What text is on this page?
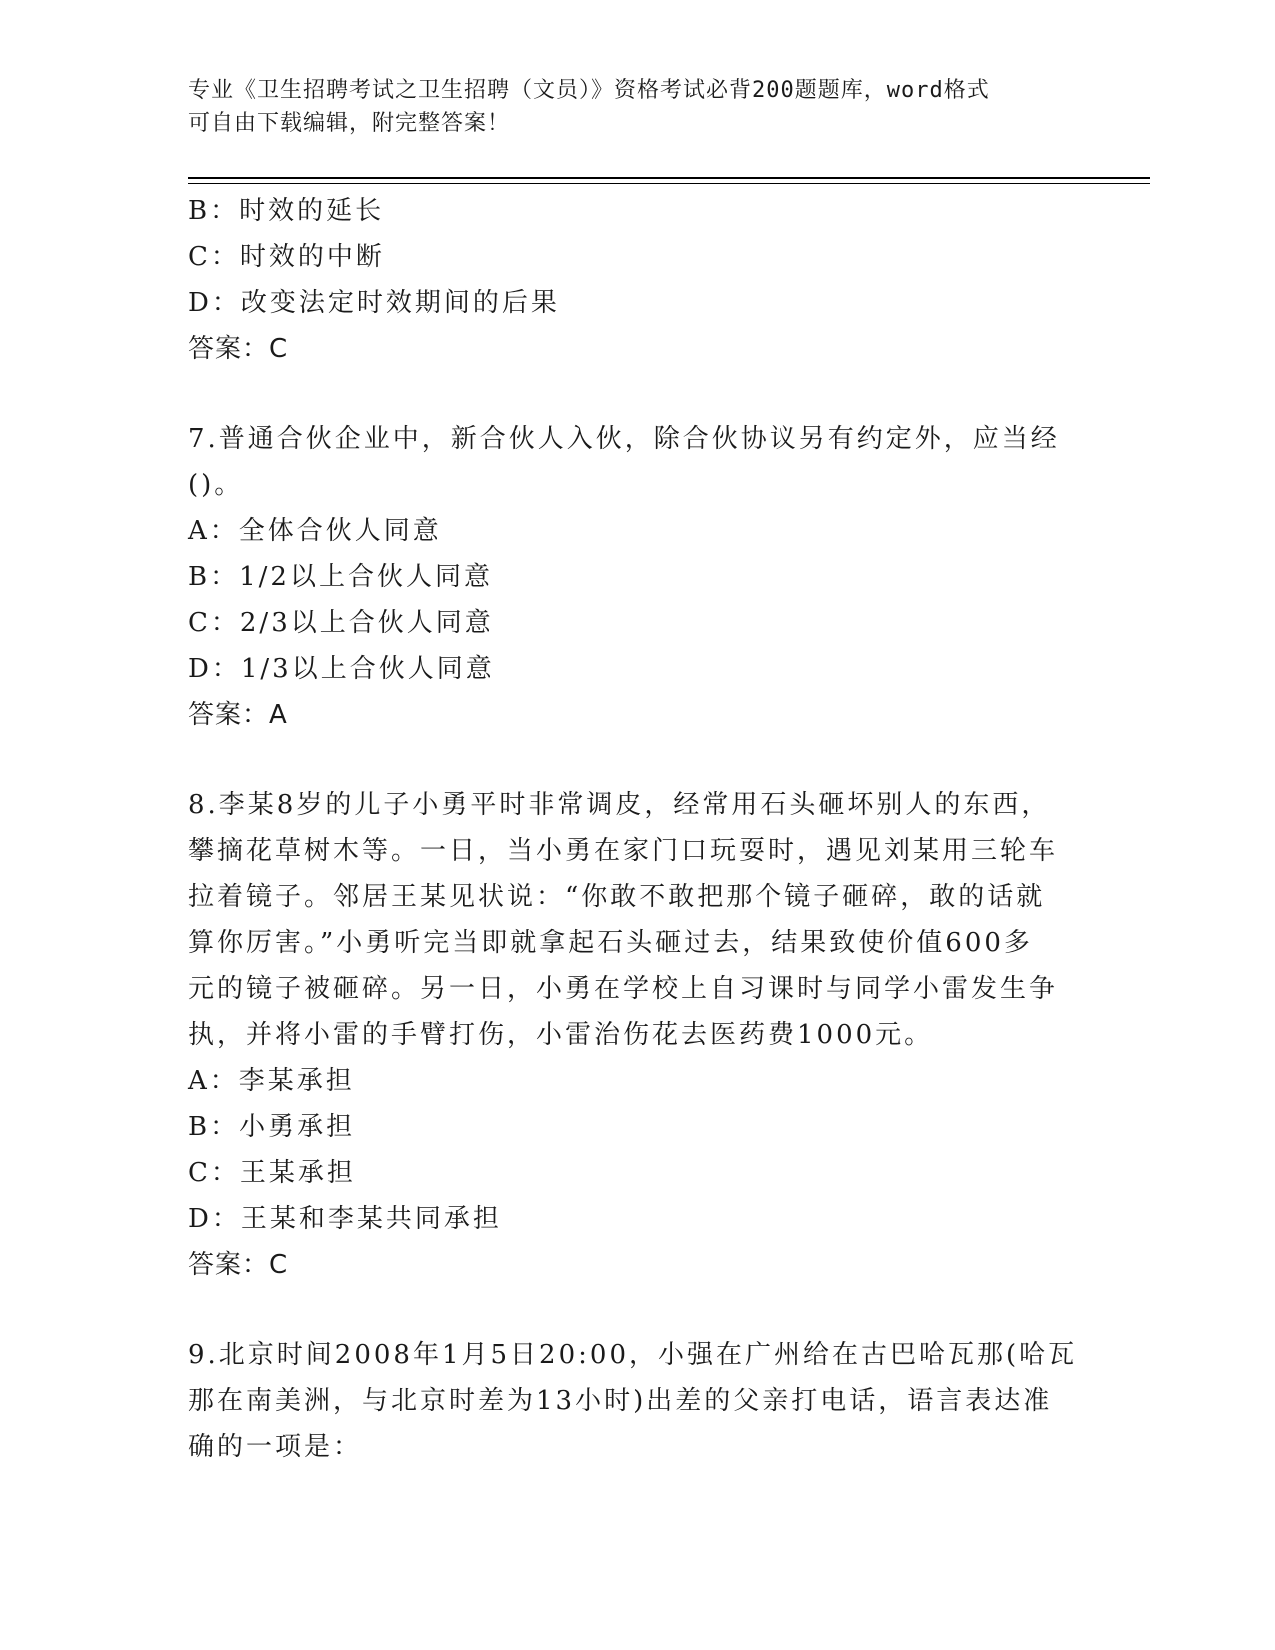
专业《卫生招聘考试之卫生招聘（文员）》资格考试必背200题题库，word格式
可自由下载编辑，附完整答案！
B：时效的延长
C：时效的中断
D：改变法定时效期间的后果
答案：C
7.普通合伙企业中，新合伙人入伙，除合伙协议另有约定外，应当经
()。
A：全体合伙人同意
B：1/2以上合伙人同意
C：2/3以上合伙人同意
D：1/3以上合伙人同意
答案：A
8.李某8岁的儿子小勇平时非常调皮，经常用石头砸坏别人的东西，
攀摘花草树木等。一日，当小勇在家门口玩耍时，遇见刘某用三轮车
拉着镜子。邻居王某见状说：“你敢不敢把那个镜子砸碎，敢的话就
算你厉害。”小勇听完当即就拿起石头砸过去，结果致使价值600多
元的镜子被砸碎。另一日，小勇在学校上自习课时与同学小雷发生争
执，并将小雷的手臂打伤，小雷治伤花去医药费1000元。
A：李某承担
B：小勇承担
C：王某承担
D：王某和李某共同承担
答案：C
9.北京时间2008年1月5日20:00，小强在广州给在古巴哈瓦那(哈瓦
那在南美洲，与北京时差为13小时)出差的父亲打电话，语言表达准
确的一项是：
